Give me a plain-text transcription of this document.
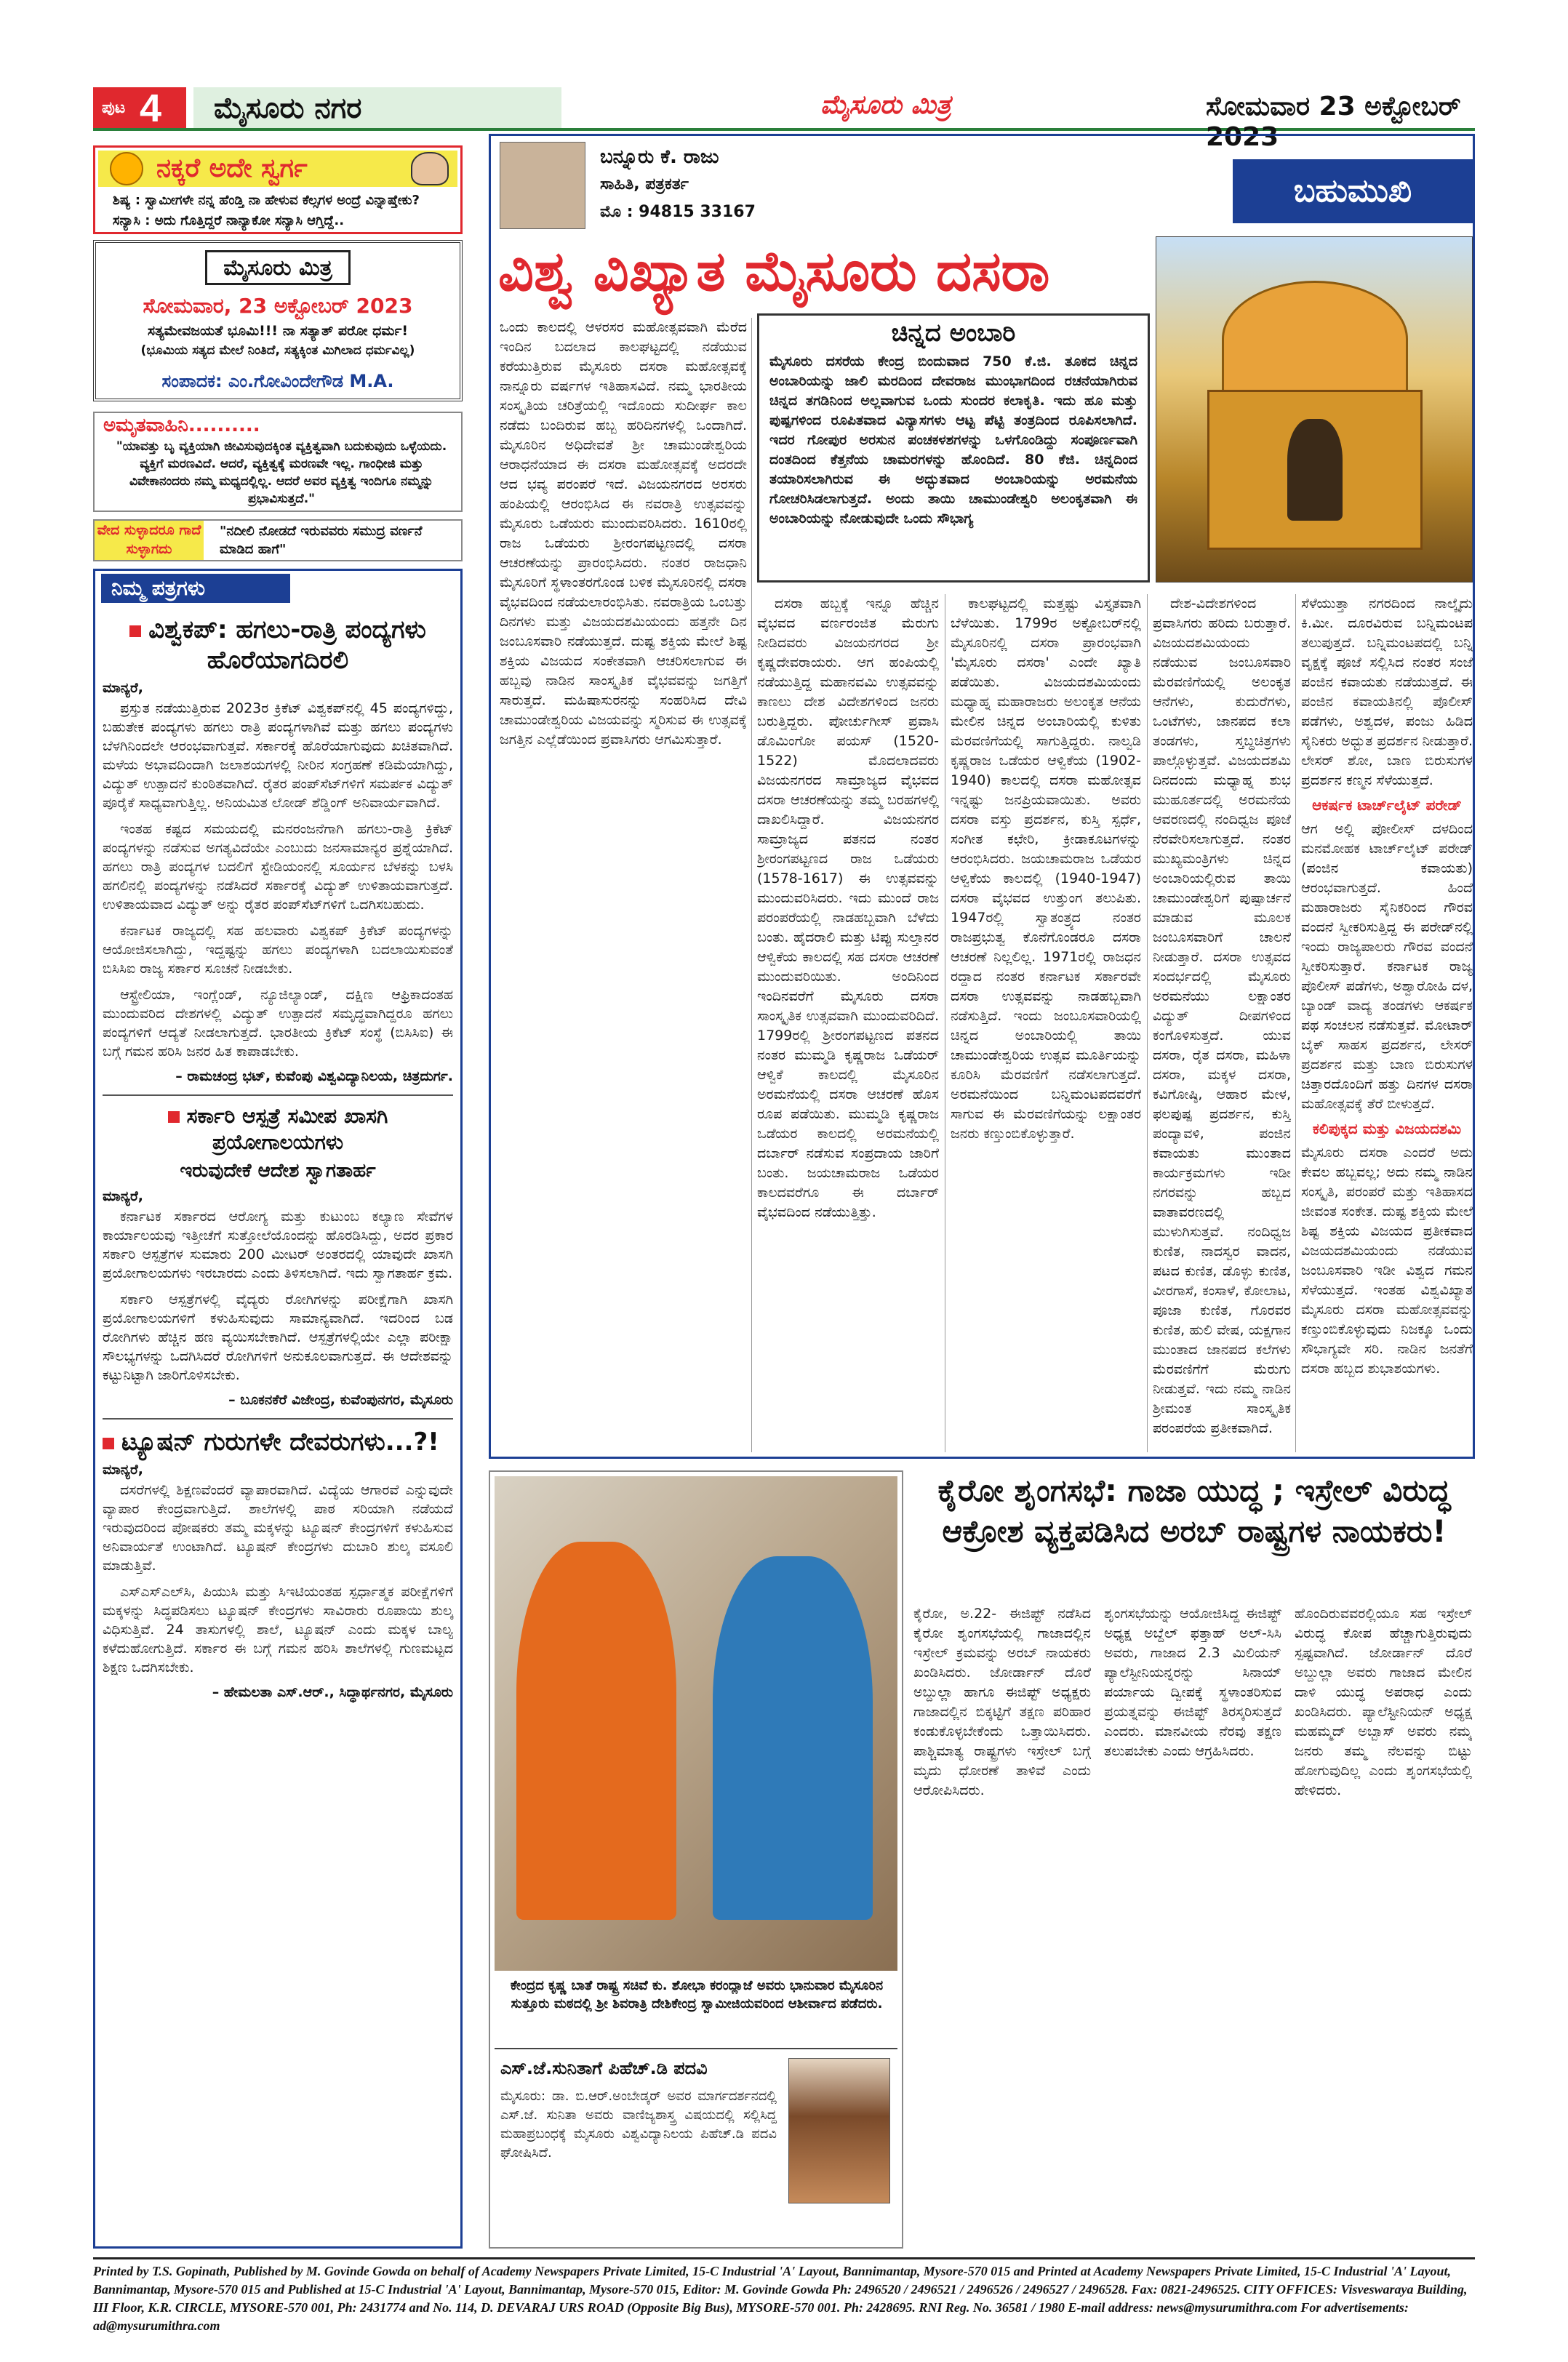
ಪುಟ 4 ಮೈಸೂರು ನಗರ	ಮೈಸೂರು ಮಿತ್ರ	ಸೋಮವಾರ 23 ಅಕ್ಟೋಬರ್ 2023
ನಕ್ಕರೆ ಅದೇ ಸ್ವರ್ಗ
ಶಿಷ್ಯ : ಸ್ವಾಮೀಗಳೇ ನನ್ನ ಹೆಂಡ್ತಿ ನಾ ಹೇಳುವ ಕೆಲ್ಸಗಳ ಅಂದ್ರೆ ವಿನ್ನಾಷ್ತೇಕು?
ಸನ್ಯಾಸಿ : ಅದು ಗೊತ್ತಿದ್ದರೆ ನಾನ್ಯಾಕೋ ಸನ್ಯಾಸಿ ಆಗ್ತಿದ್ದೆ..
ಮೈಸೂರು ಮಿತ್ರ
ಸೋಮವಾರ, 23 ಅಕ್ಟೋಬರ್ 2023
ಸತ್ಯಮೇವಜಯತೆ ಭೂಮಿ!!! ನಾ ಸತ್ಯಾತ್ ಪರೋ ಧರ್ಮ!
(ಭೂಮಿಯ ಸತ್ಯದ ಮೇಲೆ ನಿಂತಿದೆ, ಸತ್ಯಕ್ಕಿಂತ ಮಿಗಿಲಾದ ಧರ್ಮವಿಲ್ಲ)
ಸಂಪಾದಕ: ಎಂ.ಗೋವಿಂದೇಗೌಡ M.A.
ಅಮೃತವಾಹಿನಿ..........
"ಯಾವತ್ತು ಬೃ ವ್ಯಕ್ತಿಯಾಗಿ ಜೀವಿಸುವುದಕ್ಕಿಂತ ವ್ಯಕ್ತಿತ್ವವಾಗಿ ಬದುಕುವುದು ಒಳ್ಳೆಯದು. ವ್ಯಕ್ತಿಗೆ ಮರಣವಿದೆ. ಆದರೆ, ವ್ಯಕ್ತಿತ್ವಕ್ಕೆ ಮರಣವೇ ಇಲ್ಲ. ಗಾಂಧೀಜಿ ಮತ್ತು ವಿವೇಕಾನಂದರು ನಮ್ಮ ಮಧ್ಯದಲ್ಲಿಲ್ಲ. ಆದರೆ ಅವರ ವ್ಯಕ್ತಿತ್ವ ಇಂದಿಗೂ ನಮ್ಮನ್ನು ಪ್ರಭಾವಿಸುತ್ತದೆ."
ವೇದ ಸುಳ್ಳಾದರೂ ಗಾದೆ ಸುಳ್ಳಾಗದು
"ನದೀಲಿ ನೋಡದೆ ಇರುವವರು ಸಮುದ್ರ ವರ್ಣನೆ ಮಾಡಿದ ಹಾಗೆ"
ನಿಮ್ಮ ಪತ್ರಗಳು
ವಿಶ್ವಕಪ್: ಹಗಲು-ರಾತ್ರಿ ಪಂದ್ಯಗಳು ಹೊರೆಯಾಗದಿರಲಿ
ಮಾನ್ಯರೆ,

ಪ್ರಸ್ತುತ ನಡೆಯುತ್ತಿರುವ 2023ರ ಕ್ರಿಕೆಟ್ ವಿಶ್ವಕಪ್‌ನಲ್ಲಿ 45 ಪಂದ್ಯಗಳಿದ್ದು, ಬಹುತೇಕ ಪಂದ್ಯಗಳು ಹಗಲು ರಾತ್ರಿ ಪಂದ್ಯಗಳಾಗಿವೆ ಮತ್ತು ಹಗಲು ಪಂದ್ಯಗಳು ಬೆಳಗಿನಿಂದಲೇ ಆರಂಭವಾಗುತ್ತವೆ. ಸರ್ಕಾರಕ್ಕೆ ಹೊರೆಯಾಗುವುದು ಖಚಿತವಾಗಿದೆ. ಮಳೆಯ ಅಭಾವದಿಂದಾಗಿ ಜಲಾಶಯಗಳಲ್ಲಿ ನೀರಿನ ಸಂಗ್ರಹಣೆ ಕಡಿಮೆಯಾಗಿದ್ದು, ವಿದ್ಯುತ್ ಉತ್ಪಾದನೆ ಕುಂಠಿತವಾಗಿದೆ. ರೈತರ ಪಂಪ್‌ಸೆಟ್‌ಗಳಿಗೆ ಸಮರ್ಪಕ ವಿದ್ಯುತ್ ಪೂರೈಕೆ ಸಾಧ್ಯವಾಗುತ್ತಿಲ್ಲ. ಅನಿಯಮಿತ ಲೋಡ್ ಶೆಡ್ಡಿಂಗ್ ಅನಿವಾರ್ಯವಾಗಿದೆ.

ಇಂತಹ ಕಷ್ಟದ ಸಮಯದಲ್ಲಿ ಮನರಂಜನೆಗಾಗಿ ಹಗಲು-ರಾತ್ರಿ ಕ್ರಿಕೆಟ್ ಪಂದ್ಯಗಳನ್ನು ನಡೆಸುವ ಅಗತ್ಯವಿದೆಯೇ ಎಂಬುದು ಜನಸಾಮಾನ್ಯರ ಪ್ರಶ್ನೆಯಾಗಿದೆ. ಹಗಲು ರಾತ್ರಿ ಪಂದ್ಯಗಳ ಬದಲಿಗೆ ಸ್ಟೇಡಿಯಂನಲ್ಲಿ ಸೂರ್ಯನ ಬೆಳಕನ್ನು ಬಳಸಿ ಹಗಲಿನಲ್ಲಿ ಪಂದ್ಯಗಳನ್ನು ನಡೆಸಿದರೆ ಸರ್ಕಾರಕ್ಕೆ ವಿದ್ಯುತ್ ಉಳಿತಾಯವಾಗುತ್ತದೆ. ಉಳಿತಾಯವಾದ ವಿದ್ಯುತ್ ಅನ್ನು ರೈತರ ಪಂಪ್‌ಸೆಟ್‌ಗಳಿಗೆ ಒದಗಿಸಬಹುದು.

ಕರ್ನಾಟಕ ರಾಜ್ಯದಲ್ಲಿ ಸಹ ಹಲವಾರು ವಿಶ್ವಕಪ್ ಕ್ರಿಕೆಟ್ ಪಂದ್ಯಗಳನ್ನು ಆಯೋಜಿಸಲಾಗಿದ್ದು, ಇದ್ದಷ್ಟನ್ನು ಹಗಲು ಪಂದ್ಯಗಳಾಗಿ ಬದಲಾಯಿಸುವಂತೆ ಬಿಸಿಸಿಐ ರಾಜ್ಯ ಸರ್ಕಾರ ಸೂಚನೆ ನೀಡಬೇಕು.

ಆಸ್ಟ್ರೇಲಿಯಾ, ಇಂಗ್ಲೆಂಡ್, ನ್ಯೂಜಿಲ್ಯಾಂಡ್, ದಕ್ಷಿಣ ಆಫ್ರಿಕಾದಂತಹ ಮುಂದುವರಿದ ದೇಶಗಳಲ್ಲಿ ವಿದ್ಯುತ್ ಉತ್ಪಾದನೆ ಸಮೃದ್ಧವಾಗಿದ್ದರೂ ಹಗಲು ಪಂದ್ಯಗಳಿಗೆ ಆದ್ಯತೆ ನೀಡಲಾಗುತ್ತದೆ. ಭಾರತೀಯ ಕ್ರಿಕೆಟ್ ಸಂಸ್ಥೆ (ಬಿಸಿಸಿಐ) ಈ ಬಗ್ಗೆ ಗಮನ ಹರಿಸಿ ಜನರ ಹಿತ ಕಾಪಾಡಬೇಕು.

– ರಾಮಚಂದ್ರ ಭಟ್, ಕುವೆಂಪು ವಿಶ್ವವಿದ್ಯಾನಿಲಯ, ಚಿತ್ರದುರ್ಗ.
ಸರ್ಕಾರಿ ಆಸ್ಪತ್ರೆ ಸಮೀಪ ಖಾಸಗಿ ಪ್ರಯೋಗಾಲಯಗಳು
ಇರುವುದೇಕೆ ಆದೇಶ ಸ್ವಾಗತಾರ್ಹ
ಮಾನ್ಯರೆ,

ಕರ್ನಾಟಕ ಸರ್ಕಾರದ ಆರೋಗ್ಯ ಮತ್ತು ಕುಟುಂಬ ಕಲ್ಯಾಣ ಸೇವೆಗಳ ಕಾರ್ಯಾಲಯವು ಇತ್ತೀಚೆಗೆ ಸುತ್ತೋಲೆಯೊಂದನ್ನು ಹೊರಡಿಸಿದ್ದು, ಅದರ ಪ್ರಕಾರ ಸರ್ಕಾರಿ ಆಸ್ಪತ್ರೆಗಳ ಸುಮಾರು 200 ಮೀಟರ್ ಅಂತರದಲ್ಲಿ ಯಾವುದೇ ಖಾಸಗಿ ಪ್ರಯೋಗಾಲಯಗಳು ಇರಬಾರದು ಎಂದು ತಿಳಿಸಲಾಗಿದೆ. ಇದು ಸ್ವಾಗತಾರ್ಹ ಕ್ರಮ.

ಸರ್ಕಾರಿ ಆಸ್ಪತ್ರೆಗಳಲ್ಲಿ ವೈದ್ಯರು ರೋಗಿಗಳನ್ನು ಪರೀಕ್ಷೆಗಾಗಿ ಖಾಸಗಿ ಪ್ರಯೋಗಾಲಯಗಳಿಗೆ ಕಳುಹಿಸುವುದು ಸಾಮಾನ್ಯವಾಗಿದೆ. ಇದರಿಂದ ಬಡ ರೋಗಿಗಳು ಹೆಚ್ಚಿನ ಹಣ ವ್ಯಯಿಸಬೇಕಾಗಿದೆ. ಆಸ್ಪತ್ರೆಗಳಲ್ಲಿಯೇ ಎಲ್ಲಾ ಪರೀಕ್ಷಾ ಸೌಲಭ್ಯಗಳನ್ನು ಒದಗಿಸಿದರೆ ರೋಗಿಗಳಿಗೆ ಅನುಕೂಲವಾಗುತ್ತದೆ. ಈ ಆದೇಶವನ್ನು ಕಟ್ಟುನಿಟ್ಟಾಗಿ ಜಾರಿಗೊಳಿಸಬೇಕು.

– ಬೂಕನಕೆರೆ ವಿಜೇಂದ್ರ, ಕುವೆಂಪುನಗರ, ಮೈಸೂರು
ಟ್ಯೂಷನ್ ಗುರುಗಳೇ ದೇವರುಗಳು...?!
ಮಾನ್ಯರೆ,

ದಸರೆಗಳಲ್ಲಿ ಶಿಕ್ಷಣವೆಂದರೆ ವ್ಯಾಪಾರವಾಗಿದೆ. ವಿದ್ಯೆಯ ಆಗಾರವೆ ಎನ್ನುವುದೇ ವ್ಯಾಪಾರ ಕೇಂದ್ರವಾಗುತ್ತಿದೆ. ಶಾಲೆಗಳಲ್ಲಿ ಪಾಠ ಸರಿಯಾಗಿ ನಡೆಯದೆ ಇರುವುದರಿಂದ ಪೋಷಕರು ತಮ್ಮ ಮಕ್ಕಳನ್ನು ಟ್ಯೂಷನ್ ಕೇಂದ್ರಗಳಿಗೆ ಕಳುಹಿಸುವ ಅನಿವಾರ್ಯತೆ ಉಂಟಾಗಿದೆ. ಟ್ಯೂಷನ್ ಕೇಂದ್ರಗಳು ದುಬಾರಿ ಶುಲ್ಕ ವಸೂಲಿ ಮಾಡುತ್ತಿವೆ.

ಎಸ್‌ಎಸ್‌ಎಲ್‌ಸಿ, ಪಿಯುಸಿ ಮತ್ತು ಸಿಇಟಿಯಂತಹ ಸ್ಪರ್ಧಾತ್ಮಕ ಪರೀಕ್ಷೆಗಳಿಗೆ ಮಕ್ಕಳನ್ನು ಸಿದ್ಧಪಡಿಸಲು ಟ್ಯೂಷನ್ ಕೇಂದ್ರಗಳು ಸಾವಿರಾರು ರೂಪಾಯಿ ಶುಲ್ಕ ವಿಧಿಸುತ್ತಿವೆ. 24 ತಾಸುಗಳಲ್ಲಿ ಶಾಲೆ, ಟ್ಯೂಷನ್ ಎಂದು ಮಕ್ಕಳ ಬಾಲ್ಯ ಕಳೆದುಹೋಗುತ್ತಿದೆ. ಸರ್ಕಾರ ಈ ಬಗ್ಗೆ ಗಮನ ಹರಿಸಿ ಶಾಲೆಗಳಲ್ಲಿ ಗುಣಮಟ್ಟದ ಶಿಕ್ಷಣ ಒದಗಿಸಬೇಕು.

– ಹೇಮಲತಾ ಎಸ್.ಆರ್., ಸಿದ್ಧಾರ್ಥನಗರ, ಮೈಸೂರು
ಬನ್ನೂರು ಕೆ. ರಾಜು
ಸಾಹಿತಿ, ಪತ್ರಕರ್ತ
ಮೊ : 94815 33167
ಬಹುಮುಖಿ
ವಿಶ್ವ ವಿಖ್ಯಾತ ಮೈಸೂರು ದಸರಾ
ಚಿನ್ನದ ಅಂಬಾರಿ
ಮೈಸೂರು ದಸರೆಯ ಕೇಂದ್ರ ಬಿಂದುವಾದ 750 ಕೆ.ಜಿ. ತೂಕದ ಚಿನ್ನದ ಅಂಬಾರಿಯನ್ನು ಜಾಲಿ ಮರದಿಂದ ದೇವರಾಜ ಮುಂಭಾಗದಿಂದ ರಚನೆಯಾಗಿರುವ ಚಿನ್ನದ ತಗಡಿನಿಂದ ಅಲ್ಲವಾಗುವ ಒಂದು ಸುಂದರ ಕಲಾಕೃತಿ. ಇದು ಹೂ ಮತ್ತು ಪುಷ್ಪಗಳಿಂದ ರೂಪಿತವಾದ ವಿನ್ಯಾಸಗಳು ಆಟ್ಟ ಪೆಟ್ಟಿ ತಂತ್ರದಿಂದ ರೂಪಿಸಲಾಗಿದೆ. ಇದರ ಗೋಪುರ ಅರಸುನ ಪಂಚಕಳಶಗಳನ್ನು ಒಳಗೊಂಡಿದ್ದು ಸಂಪೂರ್ಣವಾಗಿ ದಂತದಿಂದ ಕೆತ್ತನೆಯ ಚಾಮರಗಳನ್ನು ಹೊಂದಿದೆ. 80 ಕೆಜಿ. ಚಿನ್ನದಿಂದ ತಯಾರಿಸಲಾಗಿರುವ ಈ ಅದ್ಭುತವಾದ ಅಂಬಾರಿಯನ್ನು ಅರಮನೆಯ ಗೋಚರಿಸಿಡಲಾಗುತ್ತದೆ. ಅಂದು ತಾಯಿ ಚಾಮುಂಡೇಶ್ವರಿ ಅಲಂಕೃತವಾಗಿ ಈ ಅಂಬಾರಿಯನ್ನು ನೋಡುವುದೇ ಒಂದು ಸೌಭಾಗ್ಯ

ಒಂದು ಕಾಲದಲ್ಲಿ ಆಳರಸರ ಮಹೋತ್ಸವವಾಗಿ ಮೆರೆದ ಇಂದಿನ ಬದಲಾದ ಕಾಲಘಟ್ಟದಲ್ಲಿ ನಡೆಯುವ ಕರೆಯುತ್ತಿರುವ ಮೈಸೂರು ದಸರಾ ಮಹೋತ್ಸವಕ್ಕೆ ನಾನ್ನೂರು ವರ್ಷಗಳ ಇತಿಹಾಸವಿದೆ. ನಮ್ಮ ಭಾರತೀಯ ಸಂಸ್ಕೃತಿಯ ಚರಿತ್ರೆಯಲ್ಲಿ ಇದೊಂದು ಸುದೀರ್ಘ ಕಾಲ ನಡೆದು ಬಂದಿರುವ ಹಬ್ಬ ಹರಿದಿನಗಳಲ್ಲಿ ಒಂದಾಗಿದೆ. ಮೈಸೂರಿನ ಅಧಿದೇವತೆ ಶ್ರೀ ಚಾಮುಂಡೇಶ್ವರಿಯ ಆರಾಧನೆಯಾದ ಈ ದಸರಾ ಮಹೋತ್ಸವಕ್ಕೆ ಅದರದೇ ಆದ ಭವ್ಯ ಪರಂಪರೆ ಇದೆ. ವಿಜಯನಗರದ ಅರಸರು ಹಂಪಿಯಲ್ಲಿ ಆರಂಭಿಸಿದ ಈ ನವರಾತ್ರಿ ಉತ್ಸವವನ್ನು ಮೈಸೂರು ಒಡೆಯರು ಮುಂದುವರಿಸಿದರು. 1610ರಲ್ಲಿ ರಾಜ ಒಡೆಯರು ಶ್ರೀರಂಗಪಟ್ಟಣದಲ್ಲಿ ದಸರಾ ಆಚರಣೆಯನ್ನು ಪ್ರಾರಂಭಿಸಿದರು. ನಂತರ ರಾಜಧಾನಿ ಮೈಸೂರಿಗೆ ಸ್ಥಳಾಂತರಗೊಂಡ ಬಳಿಕ ಮೈಸೂರಿನಲ್ಲಿ ದಸರಾ ವೈಭವದಿಂದ ನಡೆಯಲಾರಂಭಿಸಿತು. ನವರಾತ್ರಿಯ ಒಂಬತ್ತು ದಿನಗಳು ಮತ್ತು ವಿಜಯದಶಮಿಯಂದು ಹತ್ತನೇ ದಿನ ಜಂಬೂಸವಾರಿ ನಡೆಯುತ್ತದೆ. ದುಷ್ಟ ಶಕ್ತಿಯ ಮೇಲೆ ಶಿಷ್ಟ ಶಕ್ತಿಯ ವಿಜಯದ ಸಂಕೇತವಾಗಿ ಆಚರಿಸಲಾಗುವ ಈ ಹಬ್ಬವು ನಾಡಿನ ಸಾಂಸ್ಕೃತಿಕ ವೈಭವವನ್ನು ಜಗತ್ತಿಗೆ ಸಾರುತ್ತದೆ. ಮಹಿಷಾಸುರನನ್ನು ಸಂಹರಿಸಿದ ದೇವಿ ಚಾಮುಂಡೇಶ್ವರಿಯ ವಿಜಯವನ್ನು ಸ್ಮರಿಸುವ ಈ ಉತ್ಸವಕ್ಕೆ ಜಗತ್ತಿನ ಎಲ್ಲೆಡೆಯಿಂದ ಪ್ರವಾಸಿಗರು ಆಗಮಿಸುತ್ತಾರೆ.

ದಸರಾ ಹಬ್ಬಕ್ಕೆ ಇನ್ನೂ ಹೆಚ್ಚಿನ ವೈಭವದ ವರ್ಣರಂಜಿತ ಮೆರುಗು ನೀಡಿದವರು ವಿಜಯನಗರದ ಶ್ರೀ ಕೃಷ್ಣದೇವರಾಯರು. ಆಗ ಹಂಪಿಯಲ್ಲಿ ನಡೆಯುತ್ತಿದ್ದ ಮಹಾನವಮಿ ಉತ್ಸವವನ್ನು ಕಾಣಲು ದೇಶ ವಿದೇಶಗಳಿಂದ ಜನರು ಬರುತ್ತಿದ್ದರು. ಪೋರ್ಚುಗೀಸ್ ಪ್ರವಾಸಿ ಡೊಮಿಂಗೋ ಪಯಸ್ (1520-1522) ಮೊದಲಾದವರು ವಿಜಯನಗರದ ಸಾಮ್ರಾಜ್ಯದ ವೈಭವದ ದಸರಾ ಆಚರಣೆಯನ್ನು ತಮ್ಮ ಬರಹಗಳಲ್ಲಿ ದಾಖಲಿಸಿದ್ದಾರೆ. ವಿಜಯನಗರ ಸಾಮ್ರಾಜ್ಯದ ಪತನದ ನಂತರ ಶ್ರೀರಂಗಪಟ್ಟಣದ ರಾಜ ಒಡೆಯರು (1578-1617) ಈ ಉತ್ಸವವನ್ನು ಮುಂದುವರಿಸಿದರು. ಇದು ಮುಂದೆ ರಾಜ ಪರಂಪರೆಯಲ್ಲಿ ನಾಡಹಬ್ಬವಾಗಿ ಬೆಳೆದು ಬಂತು. ಹೈದರಾಲಿ ಮತ್ತು ಟಿಪ್ಪು ಸುಲ್ತಾನರ ಆಳ್ವಿಕೆಯ ಕಾಲದಲ್ಲಿ ಸಹ ದಸರಾ ಆಚರಣೆ ಮುಂದುವರಿಯಿತು. ಅಂದಿನಿಂದ ಇಂದಿನವರೆಗೆ ಮೈಸೂರು ದಸರಾ ಸಾಂಸ್ಕೃತಿಕ ಉತ್ಸವವಾಗಿ ಮುಂದುವರಿದಿದೆ. 1799ರಲ್ಲಿ ಶ್ರೀರಂಗಪಟ್ಟಣದ ಪತನದ ನಂತರ ಮುಮ್ಮಡಿ ಕೃಷ್ಣರಾಜ ಒಡೆಯರ್ ಆಳ್ವಿಕೆ ಕಾಲದಲ್ಲಿ ಮೈಸೂರಿನ ಅರಮನೆಯಲ್ಲಿ ದಸರಾ ಆಚರಣೆ ಹೊಸ ರೂಪ ಪಡೆಯಿತು. ಮುಮ್ಮಡಿ ಕೃಷ್ಣರಾಜ ಒಡೆಯರ ಕಾಲದಲ್ಲಿ ಅರಮನೆಯಲ್ಲಿ ದರ್ಬಾರ್ ನಡೆಸುವ ಸಂಪ್ರದಾಯ ಜಾರಿಗೆ ಬಂತು. ಜಯಚಾಮರಾಜ ಒಡೆಯರ ಕಾಲದವರೆಗೂ ಈ ದರ್ಬಾರ್ ವೈಭವದಿಂದ ನಡೆಯುತ್ತಿತ್ತು.

ಕಾಲಘಟ್ಟದಲ್ಲಿ ಮತ್ತಷ್ಟು ವಿಸ್ತೃತವಾಗಿ ಬೆಳೆಯಿತು. 1799ರ ಅಕ್ಟೋಬರ್‌ನಲ್ಲಿ ಮೈಸೂರಿನಲ್ಲಿ ದಸರಾ ಪ್ರಾರಂಭವಾಗಿ 'ಮೈಸೂರು ದಸರಾ' ಎಂದೇ ಖ್ಯಾತಿ ಪಡೆಯಿತು. ವಿಜಯದಶಮಿಯಂದು ಮಧ್ಯಾಹ್ನ ಮಹಾರಾಜರು ಅಲಂಕೃತ ಆನೆಯ ಮೇಲಿನ ಚಿನ್ನದ ಅಂಬಾರಿಯಲ್ಲಿ ಕುಳಿತು ಮೆರವಣಿಗೆಯಲ್ಲಿ ಸಾಗುತ್ತಿದ್ದರು. ನಾಲ್ವಡಿ ಕೃಷ್ಣರಾಜ ಒಡೆಯರ ಆಳ್ವಿಕೆಯ (1902-1940) ಕಾಲದಲ್ಲಿ ದಸರಾ ಮಹೋತ್ಸವ ಇನ್ನಷ್ಟು ಜನಪ್ರಿಯವಾಯಿತು. ಅವರು ದಸರಾ ವಸ್ತು ಪ್ರದರ್ಶನ, ಕುಸ್ತಿ ಸ್ಪರ್ಧೆ, ಸಂಗೀತ ಕಛೇರಿ, ಕ್ರೀಡಾಕೂಟಗಳನ್ನು ಆರಂಭಿಸಿದರು. ಜಯಚಾಮರಾಜ ಒಡೆಯರ ಆಳ್ವಿಕೆಯ ಕಾಲದಲ್ಲಿ (1940-1947) ದಸರಾ ವೈಭವದ ಉತ್ತುಂಗ ತಲುಪಿತು. 1947ರಲ್ಲಿ ಸ್ವಾತಂತ್ರ್ಯದ ನಂತರ ರಾಜಪ್ರಭುತ್ವ ಕೊನೆಗೊಂಡರೂ ದಸರಾ ಆಚರಣೆ ನಿಲ್ಲಲಿಲ್ಲ. 1971ರಲ್ಲಿ ರಾಜಧನ ರದ್ದಾದ ನಂತರ ಕರ್ನಾಟಕ ಸರ್ಕಾರವೇ ದಸರಾ ಉತ್ಸವವನ್ನು ನಾಡಹಬ್ಬವಾಗಿ ನಡೆಸುತ್ತಿದೆ. ಇಂದು ಜಂಬೂಸವಾರಿಯಲ್ಲಿ ಚಿನ್ನದ ಅಂಬಾರಿಯಲ್ಲಿ ತಾಯಿ ಚಾಮುಂಡೇಶ್ವರಿಯ ಉತ್ಸವ ಮೂರ್ತಿಯನ್ನು ಕೂರಿಸಿ ಮೆರವಣಿಗೆ ನಡೆಸಲಾಗುತ್ತದೆ. ಅರಮನೆಯಿಂದ ಬನ್ನಿಮಂಟಪದವರೆಗೆ ಸಾಗುವ ಈ ಮೆರವಣಿಗೆಯನ್ನು ಲಕ್ಷಾಂತರ ಜನರು ಕಣ್ತುಂಬಿಕೊಳ್ಳುತ್ತಾರೆ.

ದೇಶ-ವಿದೇಶಗಳಿಂದ ಪ್ರವಾಸಿಗರು ಹರಿದು ಬರುತ್ತಾರೆ. ವಿಜಯದಶಮಿಯಂದು ನಡೆಯುವ ಜಂಬೂಸವಾರಿ ಮೆರವಣಿಗೆಯಲ್ಲಿ ಅಲಂಕೃತ ಆನೆಗಳು, ಕುದುರೆಗಳು, ಒಂಟೆಗಳು, ಜಾನಪದ ಕಲಾ ತಂಡಗಳು, ಸ್ತಬ್ಧಚಿತ್ರಗಳು ಪಾಲ್ಗೊಳ್ಳುತ್ತವೆ. ವಿಜಯದಶಮಿ ದಿನದಂದು ಮಧ್ಯಾಹ್ನ ಶುಭ ಮುಹೂರ್ತದಲ್ಲಿ ಅರಮನೆಯ ಆವರಣದಲ್ಲಿ ನಂದಿಧ್ವಜ ಪೂಜೆ ನೆರವೇರಿಸಲಾಗುತ್ತದೆ. ನಂತರ ಮುಖ್ಯಮಂತ್ರಿಗಳು ಚಿನ್ನದ ಅಂಬಾರಿಯಲ್ಲಿರುವ ತಾಯಿ ಚಾಮುಂಡೇಶ್ವರಿಗೆ ಪುಷ್ಪಾರ್ಚನೆ ಮಾಡುವ ಮೂಲಕ ಜಂಬೂಸವಾರಿಗೆ ಚಾಲನೆ ನೀಡುತ್ತಾರೆ. ದಸರಾ ಉತ್ಸವದ ಸಂದರ್ಭದಲ್ಲಿ ಮೈಸೂರು ಅರಮನೆಯು ಲಕ್ಷಾಂತರ ವಿದ್ಯುತ್ ದೀಪಗಳಿಂದ ಕಂಗೊಳಿಸುತ್ತದೆ. ಯುವ ದಸರಾ, ರೈತ ದಸರಾ, ಮಹಿಳಾ ದಸರಾ, ಮಕ್ಕಳ ದಸರಾ, ಕವಿಗೋಷ್ಠಿ, ಆಹಾರ ಮೇಳ, ಫಲಪುಷ್ಪ ಪ್ರದರ್ಶನ, ಕುಸ್ತಿ ಪಂದ್ಯಾವಳಿ, ಪಂಜಿನ ಕವಾಯತು ಮುಂತಾದ ಕಾರ್ಯಕ್ರಮಗಳು ಇಡೀ ನಗರವನ್ನು ಹಬ್ಬದ ವಾತಾವರಣದಲ್ಲಿ ಮುಳುಗಿಸುತ್ತವೆ. ನಂದಿಧ್ವಜ ಕುಣಿತ, ನಾದಸ್ವರ ವಾದನ, ಪಟದ ಕುಣಿತ, ಡೊಳ್ಳು ಕುಣಿತ, ವೀರಗಾಸೆ, ಕಂಸಾಳೆ, ಕೋಲಾಟ, ಪೂಜಾ ಕುಣಿತ, ಗೊರವರ ಕುಣಿತ, ಹುಲಿ ವೇಷ, ಯಕ್ಷಗಾನ ಮುಂತಾದ ಜಾನಪದ ಕಲೆಗಳು ಮೆರವಣಿಗೆಗೆ ಮೆರುಗು ನೀಡುತ್ತವೆ. ಇದು ನಮ್ಮ ನಾಡಿನ ಶ್ರೀಮಂತ ಸಾಂಸ್ಕೃತಿಕ ಪರಂಪರೆಯ ಪ್ರತೀಕವಾಗಿದೆ.

ಸೆಳೆಯುತ್ತಾ ನಗರದಿಂದ ನಾಲ್ಕೈದು ಕಿ.ಮೀ. ದೂರವಿರುವ ಬನ್ನಿಮಂಟಪ ತಲುಪುತ್ತದೆ. ಬನ್ನಿಮಂಟಪದಲ್ಲಿ ಬನ್ನಿ ವೃಕ್ಷಕ್ಕೆ ಪೂಜೆ ಸಲ್ಲಿಸಿದ ನಂತರ ಸಂಜೆ ಪಂಜಿನ ಕವಾಯತು ನಡೆಯುತ್ತದೆ. ಈ ಪಂಜಿನ ಕವಾಯತಿನಲ್ಲಿ ಪೊಲೀಸ್ ಪಡೆಗಳು, ಅಶ್ವದಳ, ಪಂಜು ಹಿಡಿದ ಸೈನಿಕರು ಅದ್ಭುತ ಪ್ರದರ್ಶನ ನೀಡುತ್ತಾರೆ. ಲೇಸರ್ ಶೋ, ಬಾಣ ಬಿರುಸುಗಳ ಪ್ರದರ್ಶನ ಕಣ್ಮನ ಸೆಳೆಯುತ್ತದೆ.
ಆಕರ್ಷಕ ಟಾರ್ಚ್‌ಲೈಟ್ ಪರೇಡ್
ಆಗ ಅಲ್ಲಿ ಪೋಲೀಸ್ ದಳದಿಂದ ಮನಮೋಹಕ ಟಾರ್ಚ್‌ಲೈಟ್ ಪರೇಡ್ (ಪಂಜಿನ ಕವಾಯತು) ಆರಂಭವಾಗುತ್ತದೆ. ಹಿಂದೆ ಮಹಾರಾಜರು ಸೈನಿಕರಿಂದ ಗೌರವ ವಂದನೆ ಸ್ವೀಕರಿಸುತ್ತಿದ್ದ ಈ ಪರೇಡ್‌ನಲ್ಲಿ ಇಂದು ರಾಜ್ಯಪಾಲರು ಗೌರವ ವಂದನೆ ಸ್ವೀಕರಿಸುತ್ತಾರೆ. ಕರ್ನಾಟಕ ರಾಜ್ಯ ಪೊಲೀಸ್ ಪಡೆಗಳು, ಅಶ್ವಾರೋಹಿ ದಳ, ಬ್ಯಾಂಡ್ ವಾದ್ಯ ತಂಡಗಳು ಆಕರ್ಷಕ ಪಥ ಸಂಚಲನ ನಡೆಸುತ್ತವೆ. ಮೋಟಾರ್ ಬೈಕ್ ಸಾಹಸ ಪ್ರದರ್ಶನ, ಲೇಸರ್ ಪ್ರದರ್ಶನ ಮತ್ತು ಬಾಣ ಬಿರುಸುಗಳ ಚಿತ್ತಾರದೊಂದಿಗೆ ಹತ್ತು ದಿನಗಳ ದಸರಾ ಮಹೋತ್ಸವಕ್ಕೆ ತೆರೆ ಬೀಳುತ್ತದೆ.
ಕಲಿಪುಕ್ಕದ ಮತ್ತು ವಿಜಯದಶಮಿ
ಮೈಸೂರು ದಸರಾ ಎಂದರೆ ಅದು ಕೇವಲ ಹಬ್ಬವಲ್ಲ; ಅದು ನಮ್ಮ ನಾಡಿನ ಸಂಸ್ಕೃತಿ, ಪರಂಪರೆ ಮತ್ತು ಇತಿಹಾಸದ ಜೀವಂತ ಸಂಕೇತ. ದುಷ್ಟ ಶಕ್ತಿಯ ಮೇಲೆ ಶಿಷ್ಟ ಶಕ್ತಿಯ ವಿಜಯದ ಪ್ರತೀಕವಾದ ವಿಜಯದಶಮಿಯಂದು ನಡೆಯುವ ಜಂಬೂಸವಾರಿ ಇಡೀ ವಿಶ್ವದ ಗಮನ ಸೆಳೆಯುತ್ತದೆ. ಇಂತಹ ವಿಶ್ವವಿಖ್ಯಾತ ಮೈಸೂರು ದಸರಾ ಮಹೋತ್ಸವವನ್ನು ಕಣ್ತುಂಬಿಕೊಳ್ಳುವುದು ನಿಜಕ್ಕೂ ಒಂದು ಸೌಭಾಗ್ಯವೇ ಸರಿ. ನಾಡಿನ ಜನತೆಗೆ ದಸರಾ ಹಬ್ಬದ ಶುಭಾಶಯಗಳು.
ಕೇಂದ್ರದ ಕೃಷ್ಣ ಬಾತೆ ರಾಷ್ಟ್ರ ಸಚಿವೆ ಕು. ಶೋಭಾ ಕರಂದ್ಲಾಜೆ ಅವರು ಭಾನುವಾರ ಮೈಸೂರಿನ ಸುತ್ತೂರು ಮಠದಲ್ಲಿ ಶ್ರೀ ಶಿವರಾತ್ರಿ ದೇಶಿಕೇಂದ್ರ ಸ್ವಾಮೀಜಿಯವರಿಂದ ಆಶೀರ್ವಾದ ಪಡೆದರು.
ಎಸ್.ಜೆ.ಸುನಿತಾಗೆ ಪಿಹೆಚ್.ಡಿ ಪದವಿ
ಮೈಸೂರು: ಡಾ. ಬಿ.ಆರ್.ಅಂಬೇಡ್ಕರ್ ಅವರ ಮಾರ್ಗದರ್ಶನದಲ್ಲಿ ಎಸ್.ಜೆ. ಸುನಿತಾ ಅವರು ವಾಣಿಜ್ಯಶಾಸ್ತ್ರ ವಿಷಯದಲ್ಲಿ ಸಲ್ಲಿಸಿದ್ದ ಮಹಾಪ್ರಬಂಧಕ್ಕೆ ಮೈಸೂರು ವಿಶ್ವವಿದ್ಯಾನಿಲಯ ಪಿಹೆಚ್.ಡಿ ಪದವಿ ಘೋಷಿಸಿದೆ.
ಕೈರೋ ಶೃಂಗಸಭೆ: ಗಾಜಾ ಯುದ್ಧ ; ಇಸ್ರೇಲ್ ವಿರುದ್ಧ ಆಕ್ರೋಶ ವ್ಯಕ್ತಪಡಿಸಿದ ಅರಬ್ ರಾಷ್ಟ್ರಗಳ ನಾಯಕರು!
ಕೈರೋ, ಅ.22- ಈಜಿಪ್ಟ್ ನಡೆಸಿದ ಕೈರೋ ಶೃಂಗಸಭೆಯಲ್ಲಿ ಗಾಜಾದಲ್ಲಿನ ಇಸ್ರೇಲ್ ಕ್ರಮವನ್ನು ಅರಬ್ ನಾಯಕರು ಖಂಡಿಸಿದರು. ಜೋರ್ಡಾನ್ ದೊರೆ ಅಬ್ದುಲ್ಲಾ ಹಾಗೂ ಈಜಿಪ್ಟ್ ಅಧ್ಯಕ್ಷರು ಗಾಜಾದಲ್ಲಿನ ಬಿಕ್ಕಟ್ಟಿಗೆ ತಕ್ಷಣ ಪರಿಹಾರ ಕಂಡುಕೊಳ್ಳಬೇಕೆಂದು ಒತ್ತಾಯಿಸಿದರು. ಪಾಶ್ಚಿಮಾತ್ಯ ರಾಷ್ಟ್ರಗಳು ಇಸ್ರೇಲ್ ಬಗ್ಗೆ ಮೃದು ಧೋರಣೆ ತಾಳಿವೆ ಎಂದು ಆರೋಪಿಸಿದರು.
ಶೃಂಗಸಭೆಯನ್ನು ಆಯೋಜಿಸಿದ್ದ ಈಜಿಪ್ಟ್ ಅಧ್ಯಕ್ಷ ಅಬ್ದೆಲ್ ಫತ್ತಾಹ್ ಅಲ್-ಸಿಸಿ ಅವರು, ಗಾಜಾದ 2.3 ಮಿಲಿಯನ್ ಪ್ಯಾಲೆಸ್ಟೀನಿಯನ್ನರನ್ನು ಸಿನಾಯ್ ಪರ್ಯಾಯ ದ್ವೀಪಕ್ಕೆ ಸ್ಥಳಾಂತರಿಸುವ ಪ್ರಯತ್ನವನ್ನು ಈಜಿಪ್ಟ್ ತಿರಸ್ಕರಿಸುತ್ತದೆ ಎಂದರು. ಮಾನವೀಯ ನೆರವು ತಕ್ಷಣ ತಲುಪಬೇಕು ಎಂದು ಆಗ್ರಹಿಸಿದರು.
ಹೊಂದಿರುವವರಲ್ಲಿಯೂ ಸಹ ಇಸ್ರೇಲ್ ವಿರುದ್ಧ ಕೋಪ ಹೆಚ್ಚಾಗುತ್ತಿರುವುದು ಸ್ಪಷ್ಟವಾಗಿದೆ. ಜೋರ್ಡಾನ್ ದೊರೆ ಅಬ್ದುಲ್ಲಾ ಅವರು ಗಾಜಾದ ಮೇಲಿನ ದಾಳಿ ಯುದ್ಧ ಅಪರಾಧ ಎಂದು ಖಂಡಿಸಿದರು. ಪ್ಯಾಲೆಸ್ಟೀನಿಯನ್ ಅಧ್ಯಕ್ಷ ಮಹಮ್ಮದ್ ಅಬ್ಬಾಸ್ ಅವರು ನಮ್ಮ ಜನರು ತಮ್ಮ ನೆಲವನ್ನು ಬಿಟ್ಟು ಹೋಗುವುದಿಲ್ಲ ಎಂದು ಶೃಂಗಸಭೆಯಲ್ಲಿ ಹೇಳಿದರು.
Printed by T.S. Gopinath, Published by M. Govinde Gowda on behalf of Academy Newspapers Private Limited, 15-C Industrial 'A' Layout, Bannimantap, Mysore-570 015 and Printed at Academy Newspapers Private Limited, 15-C Industrial 'A' Layout, Bannimantap, Mysore-570 015 and Published at 15-C Industrial 'A' Layout, Bannimantap, Mysore-570 015, Editor: M. Govinde Gowda Ph: 2496520 / 2496521 / 2496526 / 2496527 / 2496528. Fax: 0821-2496525. CITY OFFICES: Visveswaraya Building, III Floor, K.R. CIRCLE, MYSORE-570 001, Ph: 2431774 and No. 114, D. DEVARAJ URS ROAD (Opposite Big Bus), MYSORE-570 001. Ph: 2428695. RNI Reg. No. 36581 / 1980 E-mail address: news@mysurumithra.com For advertisements: ad@mysurumithra.com
